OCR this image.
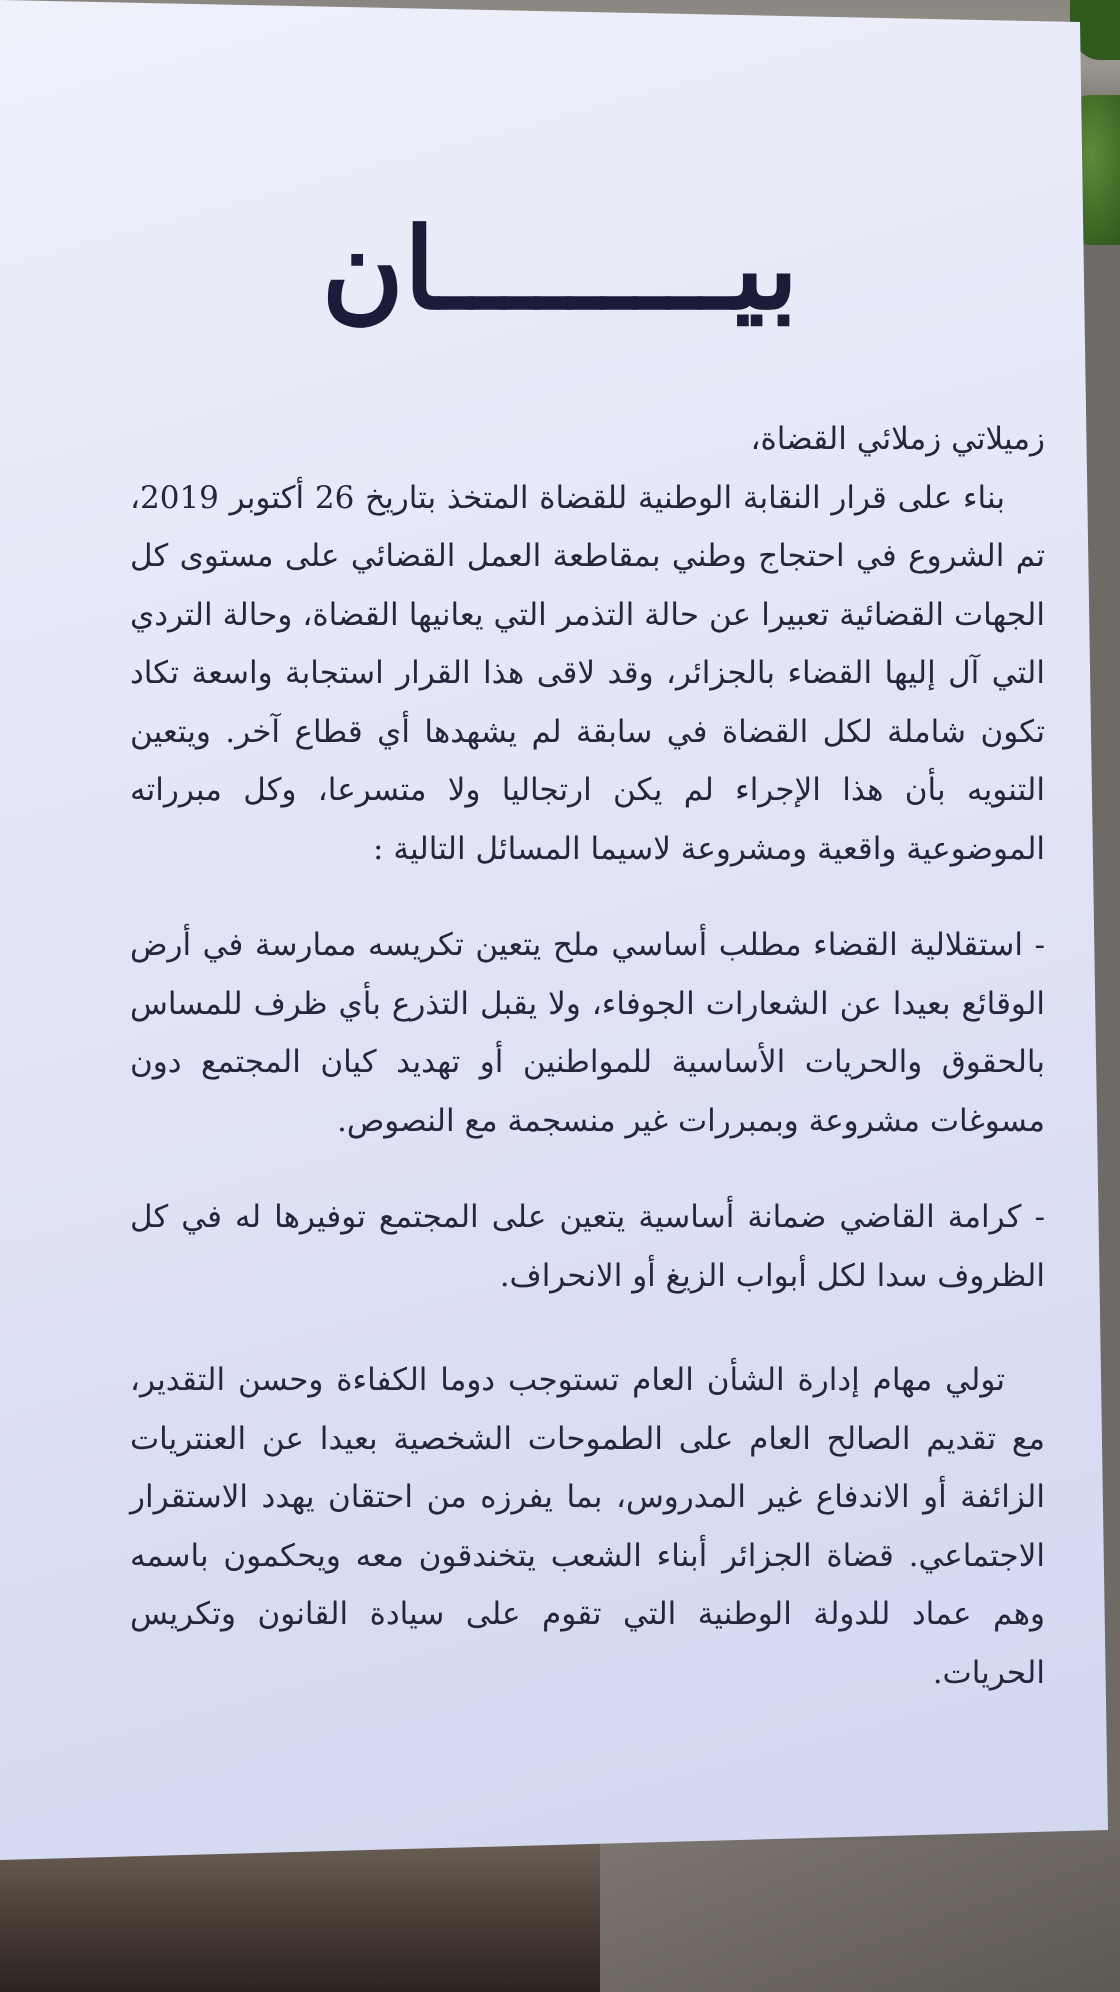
بيـــــــــان

زميلاتي زملائي القضاة،

بناء على قرار النقابة الوطنية للقضاة المتخذ بتاريخ 26 أكتوبر 2019، تم الشروع في احتجاج وطني بمقاطعة العمل القضائي على مستوى كل الجهات القضائية تعبيرا عن حالة التذمر التي يعانيها القضاة، وحالة التردي التي آل إليها القضاء بالجزائر، وقد لاقى هذا القرار استجابة واسعة تكاد تكون شاملة لكل القضاة في سابقة لم يشهدها أي قطاع آخر. ويتعين التنويه بأن هذا الإجراء لم يكن ارتجاليا ولا متسرعا، وكل مبرراته الموضوعية واقعية ومشروعة لاسيما المسائل التالية :

- استقلالية القضاء مطلب أساسي ملح يتعين تكريسه ممارسة في أرض الوقائع بعيدا عن الشعارات الجوفاء، ولا يقبل التذرع بأي ظرف للمساس بالحقوق والحريات الأساسية للمواطنين أو تهديد كيان المجتمع دون مسوغات مشروعة وبمبررات غير منسجمة مع النصوص.

- كرامة القاضي ضمانة أساسية يتعين على المجتمع توفيرها له في كل الظروف سدا لكل أبواب الزيغ أو الانحراف.

تولي مهام إدارة الشأن العام تستوجب دوما الكفاءة وحسن التقدير، مع تقديم الصالح العام على الطموحات الشخصية بعيدا عن العنتريات الزائفة أو الاندفاع غير المدروس، بما يفرزه من احتقان يهدد الاستقرار الاجتماعي. قضاة الجزائر أبناء الشعب يتخندقون معه ويحكمون باسمه وهم عماد للدولة الوطنية التي تقوم على سيادة القانون وتكريس الحريات.
